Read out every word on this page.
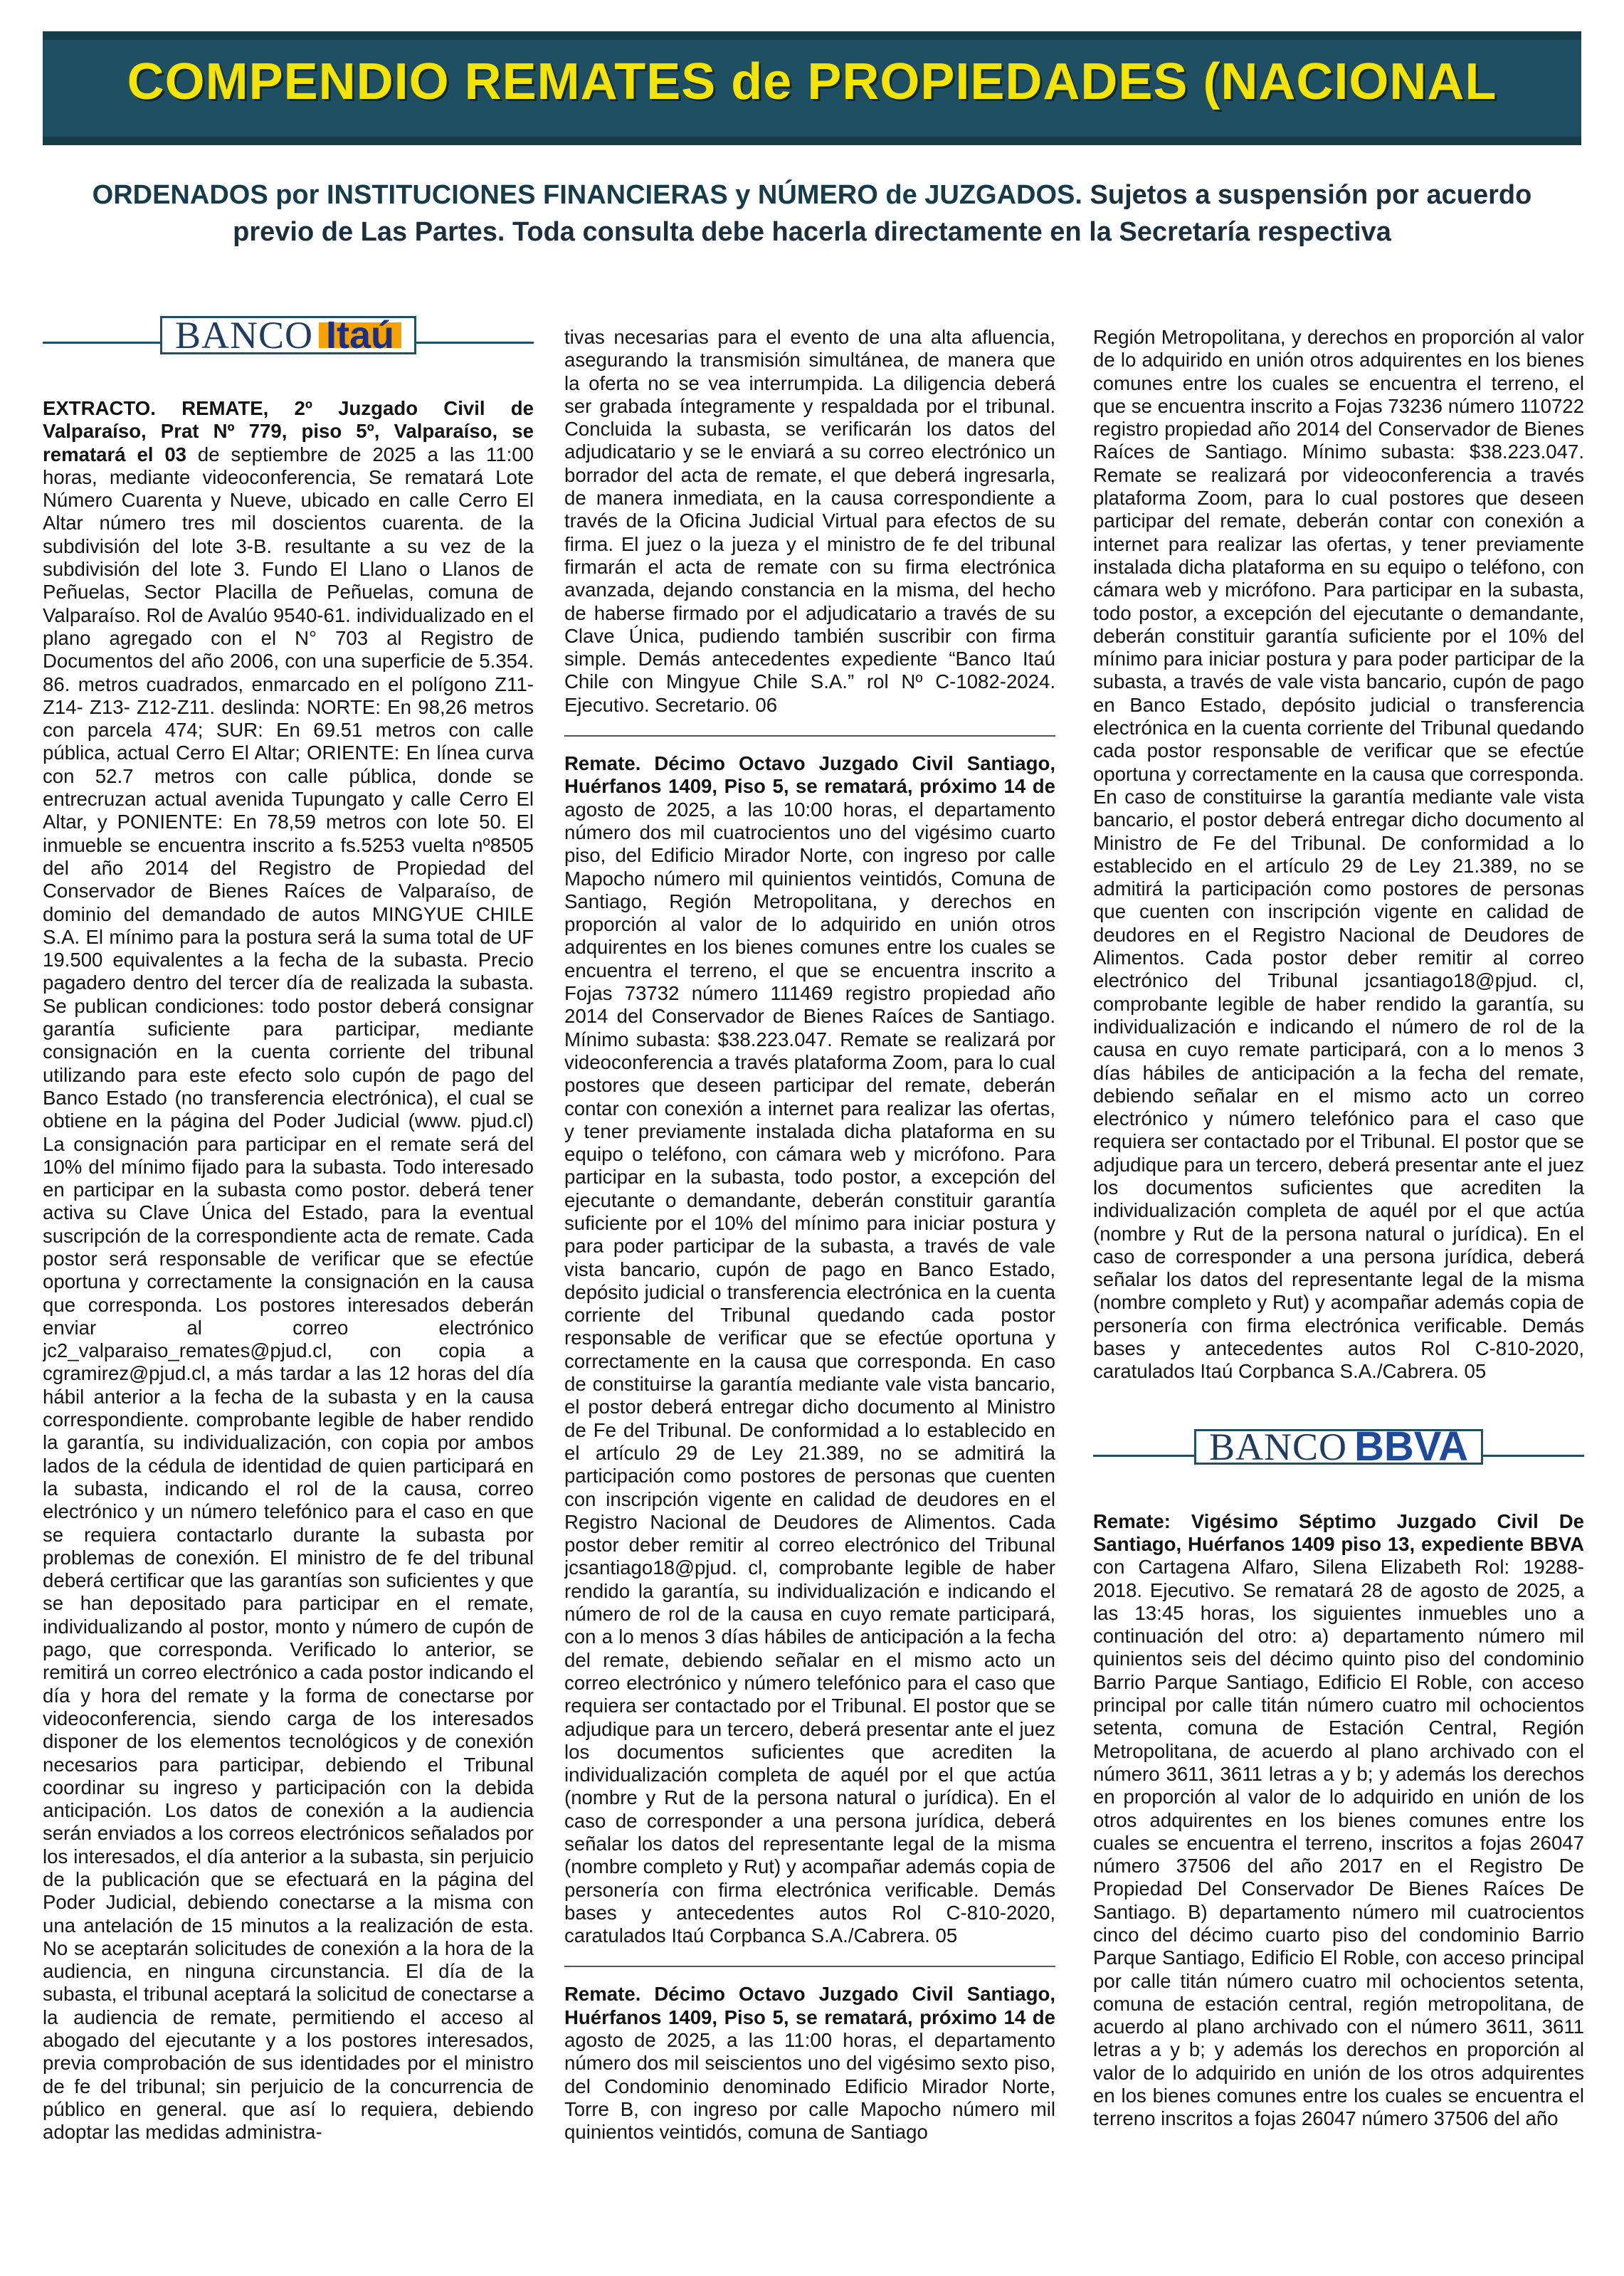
COMPENDIO REMATES de PROPIEDADES (NACIONAL
ORDENADOS por INSTITUCIONES FINANCIERAS y NÚMERO de JUZGADOS. Sujetos a suspensión por acuerdo previo de Las Partes. Toda consulta debe hacerla directamente en la Secretaría respectiva
BANCO Itaú

EXTRACTO. REMATE, 2º Juzgado Civil de Valparaíso, Prat Nº 779, piso 5º, Valparaíso, se rematará el 03 de septiembre de 2025 a las 11:00 horas, mediante videoconferencia, Se rematará Lote Número Cuarenta y Nueve, ubicado en calle Cerro El Altar número tres mil doscientos cuarenta. de la subdivisión del lote 3-B. resultante a su vez de la subdivisión del lote 3. Fundo El Llano o Llanos de Peñuelas, Sector Placilla de Peñuelas, comuna de Valparaíso. Rol de Avalúo 9540-61. individualizado en el plano agregado con el N° 703 al Registro de Documentos del año 2006, con una superficie de 5.354. 86. metros cuadrados, enmarcado en el polígono Z11- Z14- Z13- Z12-Z11. deslinda: NORTE: En 98,26 metros con parcela 474; SUR: En 69.51 metros con calle pública, actual Cerro El Altar; ORIENTE: En línea curva con 52.7 metros con calle pública, donde se entrecruzan actual avenida Tupungato y calle Cerro El Altar, y PONIENTE: En 78,59 metros con lote 50. El inmueble se encuentra inscrito a fs.5253 vuelta nº8505 del año 2014 del Registro de Propiedad del Conservador de Bienes Raíces de Valparaíso, de dominio del demandado de autos MINGYUE CHILE S.A. El mínimo para la postura será la suma total de UF 19.500 equivalentes a la fecha de la subasta. Precio pagadero dentro del tercer día de realizada la subasta. Se publican condiciones: todo postor deberá consignar garantía suficiente para participar, mediante consignación en la cuenta corriente del tribunal utilizando para este efecto solo cupón de pago del Banco Estado (no transferencia electrónica), el cual se obtiene en la página del Poder Judicial (www. pjud.cl) La consignación para participar en el remate será del 10% del mínimo fijado para la subasta. Todo interesado en participar en la subasta como postor. deberá tener activa su Clave Única del Estado, para la eventual suscripción de la correspondiente acta de remate. Cada postor será responsable de verificar que se efectúe oportuna y correctamente la consignación en la causa que corresponda. Los postores interesados deberán enviar al correo electrónico jc2_valparaiso_remates@pjud.cl, con copia a cgramirez@pjud.cl, a más tardar a las 12 horas del día hábil anterior a la fecha de la subasta y en la causa correspondiente. comprobante legible de haber rendido la garantía, su individualización, con copia por ambos lados de la cédula de identidad de quien participará en la subasta, indicando el rol de la causa, correo electrónico y un número telefónico para el caso en que se requiera contactarlo durante la subasta por problemas de conexión. El ministro de fe del tribunal deberá certificar que las garantías son suficientes y que se han depositado para participar en el remate, individualizando al postor, monto y número de cupón de pago, que corresponda. Verificado lo anterior, se remitirá un correo electrónico a cada postor indicando el día y hora del remate y la forma de conectarse por videoconferencia, siendo carga de los interesados disponer de los elementos tecnológicos y de conexión necesarios para participar, debiendo el Tribunal coordinar su ingreso y participación con la debida anticipación. Los datos de conexión a la audiencia serán enviados a los correos electrónicos señalados por los interesados, el día anterior a la subasta, sin perjuicio de la publicación que se efectuará en la página del Poder Judicial, debiendo conectarse a la misma con una antelación de 15 minutos a la realización de esta. No se aceptarán solicitudes de conexión a la hora de la audiencia, en ninguna circunstancia. El día de la subasta, el tribunal aceptará la solicitud de conectarse a la audiencia de remate, permitiendo el acceso al abogado del ejecutante y a los postores interesados, previa comprobación de sus identidades por el ministro de fe del tribunal; sin perjuicio de la concurrencia de público en general. que así lo requiera, debiendo adoptar las medidas administra-

tivas necesarias para el evento de una alta afluencia, asegurando la transmisión simultánea, de manera que la oferta no se vea interrumpida. La diligencia deberá ser grabada íntegramente y respaldada por el tribunal. Concluida la subasta, se verificarán los datos del adjudicatario y se le enviará a su correo electrónico un borrador del acta de remate, el que deberá ingresarla, de manera inmediata, en la causa correspondiente a través de la Oficina Judicial Virtual para efectos de su firma. El juez o la jueza y el ministro de fe del tribunal firmarán el acta de remate con su firma electrónica avanzada, dejando constancia en la misma, del hecho de haberse firmado por el adjudicatario a través de su Clave Única, pudiendo también suscribir con firma simple. Demás antecedentes expediente “Banco Itaú Chile con Mingyue Chile S.A.” rol Nº C-1082-2024. Ejecutivo. Secretario. 06

Remate. Décimo Octavo Juzgado Civil Santiago, Huérfanos 1409, Piso 5, se rematará, próximo 14 de agosto de 2025, a las 10:00 horas, el departamento número dos mil cuatrocientos uno del vigésimo cuarto piso, del Edificio Mirador Norte, con ingreso por calle Mapocho número mil quinientos veintidós, Comuna de Santiago, Región Metropolitana, y derechos en proporción al valor de lo adquirido en unión otros adquirentes en los bienes comunes entre los cuales se encuentra el terreno, el que se encuentra inscrito a Fojas 73732 número 111469 registro propiedad año 2014 del Conservador de Bienes Raíces de Santiago. Mínimo subasta: $38.223.047. Remate se realizará por videoconferencia a través plataforma Zoom, para lo cual postores que deseen participar del remate, deberán contar con conexión a internet para realizar las ofertas, y tener previamente instalada dicha plataforma en su equipo o teléfono, con cámara web y micrófono. Para participar en la subasta, todo postor, a excepción del ejecutante o demandante, deberán constituir garantía suficiente por el 10% del mínimo para iniciar postura y para poder participar de la subasta, a través de vale vista bancario, cupón de pago en Banco Estado, depósito judicial o transferencia electrónica en la cuenta corriente del Tribunal quedando cada postor responsable de verificar que se efectúe oportuna y correctamente en la causa que corresponda. En caso de constituirse la garantía mediante vale vista bancario, el postor deberá entregar dicho documento al Ministro de Fe del Tribunal. De conformidad a lo establecido en el artículo 29 de Ley 21.389, no se admitirá la participación como postores de personas que cuenten con inscripción vigente en calidad de deudores en el Registro Nacional de Deudores de Alimentos. Cada postor deber remitir al correo electrónico del Tribunal jcsantiago18@pjud. cl, comprobante legible de haber rendido la garantía, su individualización e indicando el número de rol de la causa en cuyo remate participará, con a lo menos 3 días hábiles de anticipación a la fecha del remate, debiendo señalar en el mismo acto un correo electrónico y número telefónico para el caso que requiera ser contactado por el Tribunal. El postor que se adjudique para un tercero, deberá presentar ante el juez los documentos suficientes que acrediten la individualización completa de aquél por el que actúa (nombre y Rut de la persona natural o jurídica). En el caso de corresponder a una persona jurídica, deberá señalar los datos del representante legal de la misma (nombre completo y Rut) y acompañar además copia de personería con firma electrónica verificable. Demás bases y antecedentes autos Rol C-810-2020, caratulados Itaú Corpbanca S.A./Cabrera. 05

Remate. Décimo Octavo Juzgado Civil Santiago, Huérfanos 1409, Piso 5, se rematará, próximo 14 de agosto de 2025, a las 11:00 horas, el departamento número dos mil seiscientos uno del vigésimo sexto piso, del Condominio denominado Edificio Mirador Norte, Torre B, con ingreso por calle Mapocho número mil quinientos veintidós, comuna de Santiago

Región Metropolitana, y derechos en proporción al valor de lo adquirido en unión otros adquirentes en los bienes comunes entre los cuales se encuentra el terreno, el que se encuentra inscrito a Fojas 73236 número 110722 registro propiedad año 2014 del Conservador de Bienes Raíces de Santiago. Mínimo subasta: $38.223.047. Remate se realizará por videoconferencia a través plataforma Zoom, para lo cual postores que deseen participar del remate, deberán contar con conexión a internet para realizar las ofertas, y tener previamente instalada dicha plataforma en su equipo o teléfono, con cámara web y micrófono. Para participar en la subasta, todo postor, a excepción del ejecutante o demandante, deberán constituir garantía suficiente por el 10% del mínimo para iniciar postura y para poder participar de la subasta, a través de vale vista bancario, cupón de pago en Banco Estado, depósito judicial o transferencia electrónica en la cuenta corriente del Tribunal quedando cada postor responsable de verificar que se efectúe oportuna y correctamente en la causa que corresponda. En caso de constituirse la garantía mediante vale vista bancario, el postor deberá entregar dicho documento al Ministro de Fe del Tribunal. De conformidad a lo establecido en el artículo 29 de Ley 21.389, no se admitirá la participación como postores de personas que cuenten con inscripción vigente en calidad de deudores en el Registro Nacional de Deudores de Alimentos. Cada postor deber remitir al correo electrónico del Tribunal jcsantiago18@pjud. cl, comprobante legible de haber rendido la garantía, su individualización e indicando el número de rol de la causa en cuyo remate participará, con a lo menos 3 días hábiles de anticipación a la fecha del remate, debiendo señalar en el mismo acto un correo electrónico y número telefónico para el caso que requiera ser contactado por el Tribunal. El postor que se adjudique para un tercero, deberá presentar ante el juez los documentos suficientes que acrediten la individualización completa de aquél por el que actúa (nombre y Rut de la persona natural o jurídica). En el caso de corresponder a una persona jurídica, deberá señalar los datos del representante legal de la misma (nombre completo y Rut) y acompañar además copia de personería con firma electrónica verificable. Demás bases y antecedentes autos Rol C-810-2020, caratulados Itaú Corpbanca S.A./Cabrera. 05

BANCO BBVA

Remate: Vigésimo Séptimo Juzgado Civil De Santiago, Huérfanos 1409 piso 13, expediente BBVA con Cartagena Alfaro, Silena Elizabeth Rol: 19288-2018. Ejecutivo. Se rematará 28 de agosto de 2025, a las 13:45 horas, los siguientes inmuebles uno a continuación del otro: a) departamento número mil quinientos seis del décimo quinto piso del condominio Barrio Parque Santiago, Edificio El Roble, con acceso principal por calle titán número cuatro mil ochocientos setenta, comuna de Estación Central, Región Metropolitana, de acuerdo al plano archivado con el número 3611, 3611 letras a y b; y además los derechos en proporción al valor de lo adquirido en unión de los otros adquirentes en los bienes comunes entre los cuales se encuentra el terreno, inscritos a fojas 26047 número 37506 del año 2017 en el Registro De Propiedad Del Conservador De Bienes Raíces De Santiago. B) departamento número mil cuatrocientos cinco del décimo cuarto piso del condominio Barrio Parque Santiago, Edificio El Roble, con acceso principal por calle titán número cuatro mil ochocientos setenta, comuna de estación central, región metropolitana, de acuerdo al plano archivado con el número 3611, 3611 letras a y b; y además los derechos en proporción al valor de lo adquirido en unión de los otros adquirentes en los bienes comunes entre los cuales se encuentra el terreno inscritos a fojas 26047 número 37506 del año
